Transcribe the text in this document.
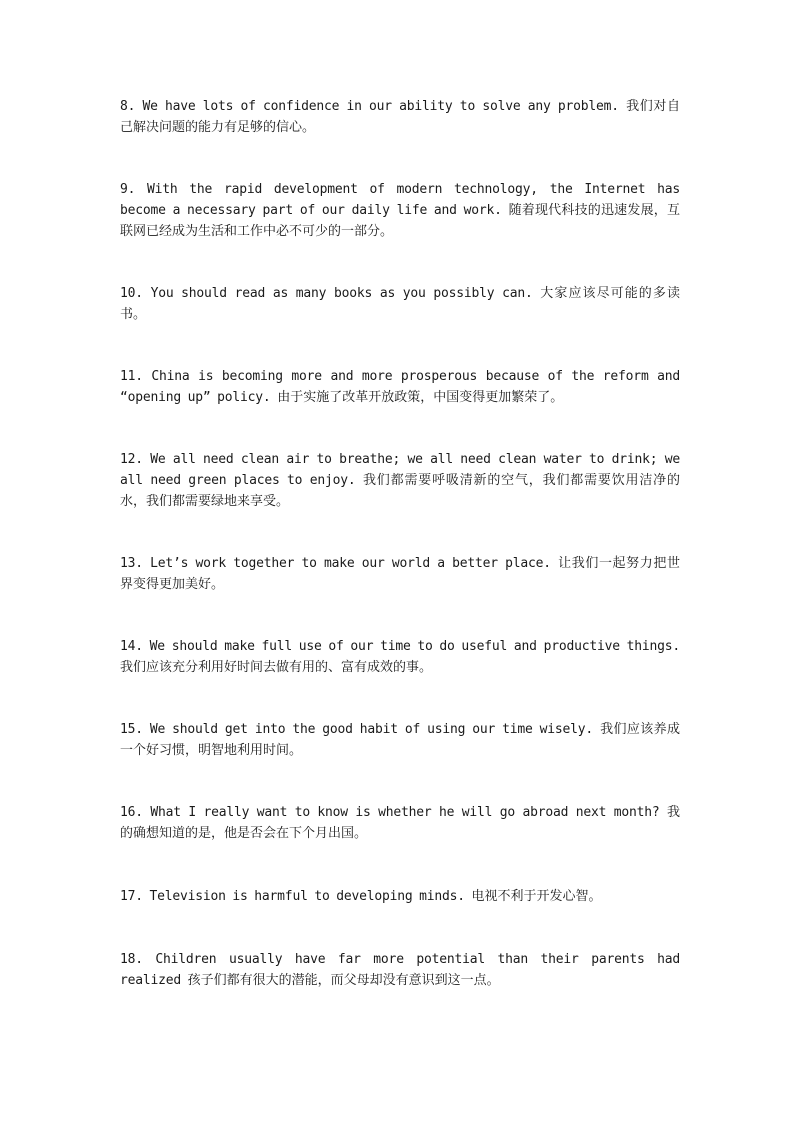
8. We have lots of confidence in our ability to solve any problem. 我们对自己解决问题的能力有足够的信心。

9. With the rapid development of modern technology, the Internet has become a necessary part of our daily life and work. 随着现代科技的迅速发展，互联网已经成为生活和工作中必不可少的一部分。

10. You should read as many books as you possibly can. 大家应该尽可能的多读书。

11. China is becoming more and more prosperous because of the reform and “opening up” policy. 由于实施了改革开放政策，中国变得更加繁荣了。

12. We all need clean air to breathe; we all need clean water to drink; we all need green places to enjoy. 我们都需要呼吸清新的空气，我们都需要饮用洁净的水，我们都需要绿地来享受。

13. Let’s work together to make our world a better place. 让我们一起努力把世界变得更加美好。

14. We should make full use of our time to do useful and productive things. 我们应该充分利用好时间去做有用的、富有成效的事。

15. We should get into the good habit of using our time wisely. 我们应该养成一个好习惯，明智地利用时间。

16. What I really want to know is whether he will go abroad next month? 我的确想知道的是，他是否会在下个月出国。

17. Television is harmful to developing minds. 电视不利于开发心智。

18. Children usually have far more potential than their parents had realized 孩子们都有很大的潜能，而父母却没有意识到这一点。
